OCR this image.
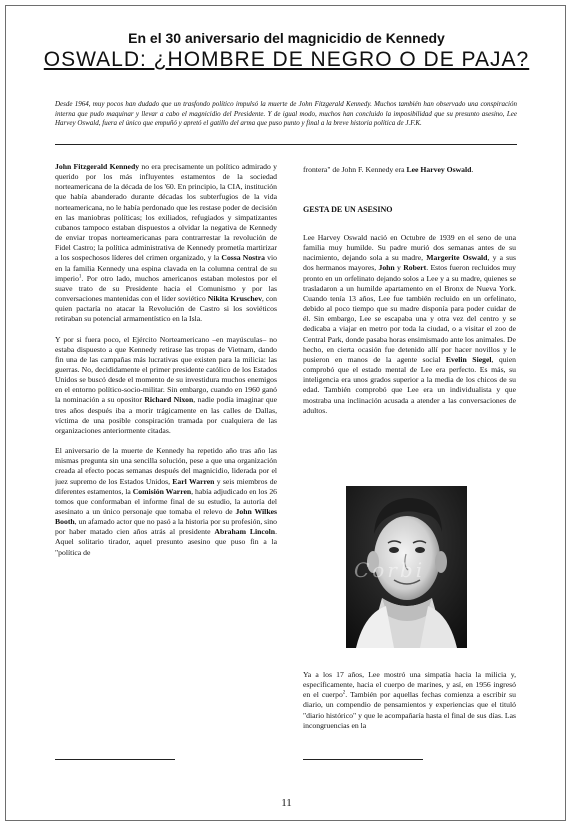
En el 30 aniversario del magnicidio de Kennedy
OSWALD: ¿HOMBRE DE NEGRO O DE PAJA?
Desde 1964, muy pocos han dudado que un trasfondo político impulsó la muerte de John Fitzgerald Kennedy. Muchos también han observado una conspiración interna que pudo maquinar y llevar a cabo el magnicidio del Presidente. Y de igual modo, muchos han concluido la imposibilidad que su presunto asesino, Lee Harvey Oswald, fuera el único que empuñó y apretó el gatillo del arma que puso punto y final a la breve historia política de J.F.K.

John Fitzgerald Kennedy no era precisamente un político admirado y querido por los más influyentes estamentos de la sociedad norteamericana de la década de los '60. En principio, la CIA, institución que había abanderado durante décadas los subterfugios de la vida norteamericana, no le había perdonado que les restase poder de decisión en las maniobras políticas; los exiliados, refugiados y simpatizantes cubanos tampoco estaban dispuestos a olvidar la negativa de Kennedy de enviar tropas norteamericanas para contrarrestar la revolución de Fidel Castro; la política administrativa de Kennedy prometía martirizar a los sospechosos líderes del crimen organizado, y la Cossa Nostra vio en la familia Kennedy una espina clavada en la columna central de su imperio$^1$. Por otro lado, muchos americanos estaban molestos por el suave trato de su Presidente hacia el Comunismo y por las conversaciones mantenidas con el líder soviético Nikita Kruschev, con quien pactaría no atacar la Revolución de Castro si los soviéticos retiraban su potencial armamentístico en la Isla.

Y por si fuera poco, el Ejército Norteamericano –en mayúsculas– no estaba dispuesto a que Kennedy retirase las tropas de Vietnam, dando fin una de las campañas más lucrativas que existen para la milicia: las guerras. No, decididamente el primer presidente católico de los Estados Unidos se buscó desde el momento de su investidura muchos enemigos en el entorno político-socio-militar. Sin embargo, cuando en 1960 ganó la nominación a su opositor Richard Nixon, nadie podía imaginar que tres años después iba a morir trágicamente en las calles de Dallas, víctima de una posible conspiración tramada por cualquiera de las organizaciones anteriormente citadas.

El aniversario de la muerte de Kennedy ha repetido año tras año las mismas pregunta sin una sencilla solución, pese a que una organización creada al efecto pocas semanas después del magnicidio, liderada por el juez supremo de los Estados Unidos, Earl Warren y seis miembros de diferentes estamentos, la Comisión Warren, había adjudicado en los 26 tomos que conformaban el informe final de su estudio, la autoría del asesinato a un único personaje que tomaba el relevo de John Wilkes Booth, un afamado actor que no pasó a la historia por su profesión, sino por haber matado cien años atrás al presidente Abraham Lincoln. Aquel solitario tirador, aquel presunto asesino que puso fin a la "política de

frontera" de John F. Kennedy era Lee Harvey Oswald.

GESTA DE UN ASESINO

Lee Harvey Oswald nació en Octubre de 1939 en el seno de una familia muy humilde. Su padre murió dos semanas antes de su nacimiento, dejando sola a su madre, Margerite Oswald, y a sus dos hermanos mayores, John y Robert. Estos fueron recluidos muy pronto en un orfelinato dejando solos a Lee y a su madre, quienes se trasladaron a un humilde apartamento en el Bronx de Nueva York. Cuando tenía 13 años, Lee fue también recluido en un orfelinato, debido al poco tiempo que su madre disponía para poder cuidar de él. Sin embargo, Lee se escapaba una y otra vez del centro y se dedicaba a viajar en metro por toda la ciudad, o a visitar el zoo de Central Park, donde pasaba horas ensimismado ante los animales. De hecho, en cierta ocasión fue detenido allí por hacer novillos y le pusieron en manos de la agente social Evelin Siegel, quien comprobó que el estado mental de Lee era perfecto. Es más, su inteligencia era unos grados superior a la media de los chicos de su edad. También comprobó que Lee era un individualista y que mostraba una inclinación acusada a atender a las conversaciones de adultos.

Corbi

Ya a los 17 años, Lee mostró una simpatía hacia la milicia y, específicamente, hacia el cuerpo de marines, y así, en 1956 ingresó en el cuerpo$^2$. También por aquellas fechas comienza a escribir su diario, un compendio de pensamientos y experiencias que el tituló "diario histórico" y que le acompañaría hasta el final de sus días. Las incongruencias en la

11
